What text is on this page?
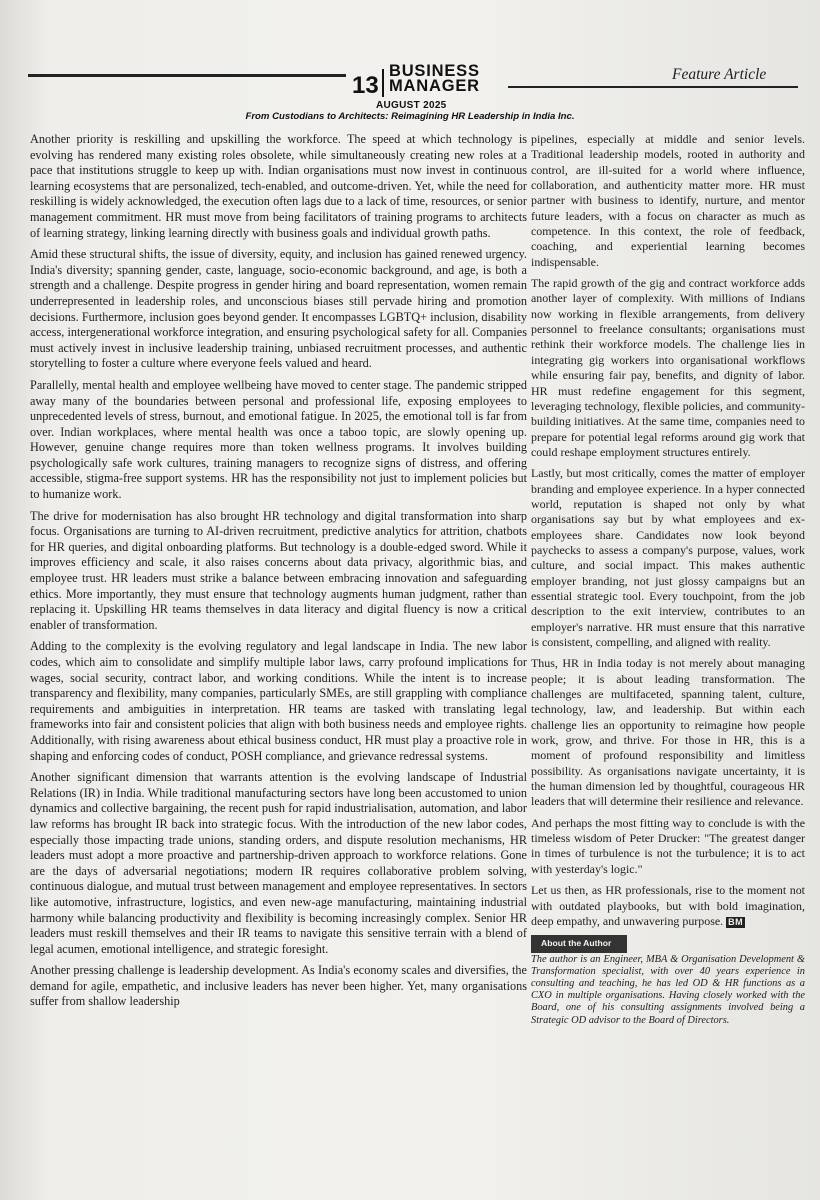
13
BUSINESS
MANAGER
AUGUST 2025
Feature Article
From Custodians to Architects: Reimagining HR Leadership in India Inc.

Another priority is reskilling and upskilling the workforce. The speed at which technology is evolving has rendered many existing roles obsolete, while simultaneously creating new roles at a pace that institutions struggle to keep up with. Indian organisations must now invest in continuous learning ecosystems that are personalized, tech-enabled, and outcome-driven. Yet, while the need for reskilling is widely acknowledged, the execution often lags due to a lack of time, resources, or senior management commitment. HR must move from being facilitators of training programs to architects of learning strategy, linking learning directly with business goals and individual growth paths.

Amid these structural shifts, the issue of diversity, equity, and inclusion has gained renewed urgency. India's diversity; spanning gender, caste, language, socio-economic background, and age, is both a strength and a challenge. Despite progress in gender hiring and board representation, women remain underrepresented in leadership roles, and unconscious biases still pervade hiring and promotion decisions. Furthermore, inclusion goes beyond gender. It encompasses LGBTQ+ inclusion, disability access, intergenerational workforce integration, and ensuring psychological safety for all. Companies must actively invest in inclusive leadership training, unbiased recruitment processes, and authentic storytelling to foster a culture where everyone feels valued and heard.

Parallelly, mental health and employee wellbeing have moved to center stage. The pandemic stripped away many of the boundaries between personal and professional life, exposing employees to unprecedented levels of stress, burnout, and emotional fatigue. In 2025, the emotional toll is far from over. Indian workplaces, where mental health was once a taboo topic, are slowly opening up. However, genuine change requires more than token wellness programs. It involves building psychologically safe work cultures, training managers to recognize signs of distress, and offering accessible, stigma-free support systems. HR has the responsibility not just to implement policies but to humanize work.

The drive for modernisation has also brought HR technology and digital transformation into sharp focus. Organisations are turning to AI-driven recruitment, predictive analytics for attrition, chatbots for HR queries, and digital onboarding platforms. But technology is a double-edged sword. While it improves efficiency and scale, it also raises concerns about data privacy, algorithmic bias, and employee trust. HR leaders must strike a balance between embracing innovation and safeguarding ethics. More importantly, they must ensure that technology augments human judgment, rather than replacing it. Upskilling HR teams themselves in data literacy and digital fluency is now a critical enabler of transformation.

Adding to the complexity is the evolving regulatory and legal landscape in India. The new labor codes, which aim to consolidate and simplify multiple labor laws, carry profound implications for wages, social security, contract labor, and working conditions. While the intent is to increase transparency and flexibility, many companies, particularly SMEs, are still grappling with compliance requirements and ambiguities in interpretation. HR teams are tasked with translating legal frameworks into fair and consistent policies that align with both business needs and employee rights. Additionally, with rising awareness about ethical business conduct, HR must play a proactive role in shaping and enforcing codes of conduct, POSH compliance, and grievance redressal systems.

Another significant dimension that warrants attention is the evolving landscape of Industrial Relations (IR) in India. While traditional manufacturing sectors have long been accustomed to union dynamics and collective bargaining, the recent push for rapid industrialisation, automation, and labor law reforms has brought IR back into strategic focus. With the introduction of the new labor codes, especially those impacting trade unions, standing orders, and dispute resolution mechanisms, HR leaders must adopt a more proactive and partnership-driven approach to workforce relations. Gone are the days of adversarial negotiations; modern IR requires collaborative problem solving, continuous dialogue, and mutual trust between management and employee representatives. In sectors like automotive, infrastructure, logistics, and even new-age manufacturing, maintaining industrial harmony while balancing productivity and flexibility is becoming increasingly complex. Senior HR leaders must reskill themselves and their IR teams to navigate this sensitive terrain with a blend of legal acumen, emotional intelligence, and strategic foresight.

Another pressing challenge is leadership development. As India's economy scales and diversifies, the demand for agile, empathetic, and inclusive leaders has never been higher. Yet, many organisations suffer from shallow leadership

pipelines, especially at middle and senior levels. Traditional leadership models, rooted in authority and control, are ill-suited for a world where influence, collaboration, and authenticity matter more. HR must partner with business to identify, nurture, and mentor future leaders, with a focus on character as much as competence. In this context, the role of feedback, coaching, and experiential learning becomes indispensable.

The rapid growth of the gig and contract workforce adds another layer of complexity. With millions of Indians now working in flexible arrangements, from delivery personnel to freelance consultants; organisations must rethink their workforce models. The challenge lies in integrating gig workers into organisational workflows while ensuring fair pay, benefits, and dignity of labor. HR must redefine engagement for this segment, leveraging technology, flexible policies, and community-building initiatives. At the same time, companies need to prepare for potential legal reforms around gig work that could reshape employment structures entirely.

Lastly, but most critically, comes the matter of employer branding and employee experience. In a hyper connected world, reputation is shaped not only by what organisations say but by what employees and ex-employees share. Candidates now look beyond paychecks to assess a company's purpose, values, work culture, and social impact. This makes authentic employer branding, not just glossy campaigns but an essential strategic tool. Every touchpoint, from the job description to the exit interview, contributes to an employer's narrative. HR must ensure that this narrative is consistent, compelling, and aligned with reality.

Thus, HR in India today is not merely about managing people; it is about leading transformation. The challenges are multifaceted, spanning talent, culture, technology, law, and leadership. But within each challenge lies an opportunity to reimagine how people work, grow, and thrive. For those in HR, this is a moment of profound responsibility and limitless possibility. As organisations navigate uncertainty, it is the human dimension led by thoughtful, courageous HR leaders that will determine their resilience and relevance.

And perhaps the most fitting way to conclude is with the timeless wisdom of Peter Drucker: "The greatest danger in times of turbulence is not the turbulence; it is to act with yesterday's logic."

Let us then, as HR professionals, rise to the moment not with outdated playbooks, but with bold imagination, deep empathy, and unwavering purpose. BM

About the Author
The author is an Engineer, MBA & Organisation Development & Transformation specialist, with over 40 years experience in consulting and teaching, he has led OD & HR functions as a CXO in multiple organisations. Having closely worked with the Board, one of his consulting assignments involved being a Strategic OD advisor to the Board of Directors.
